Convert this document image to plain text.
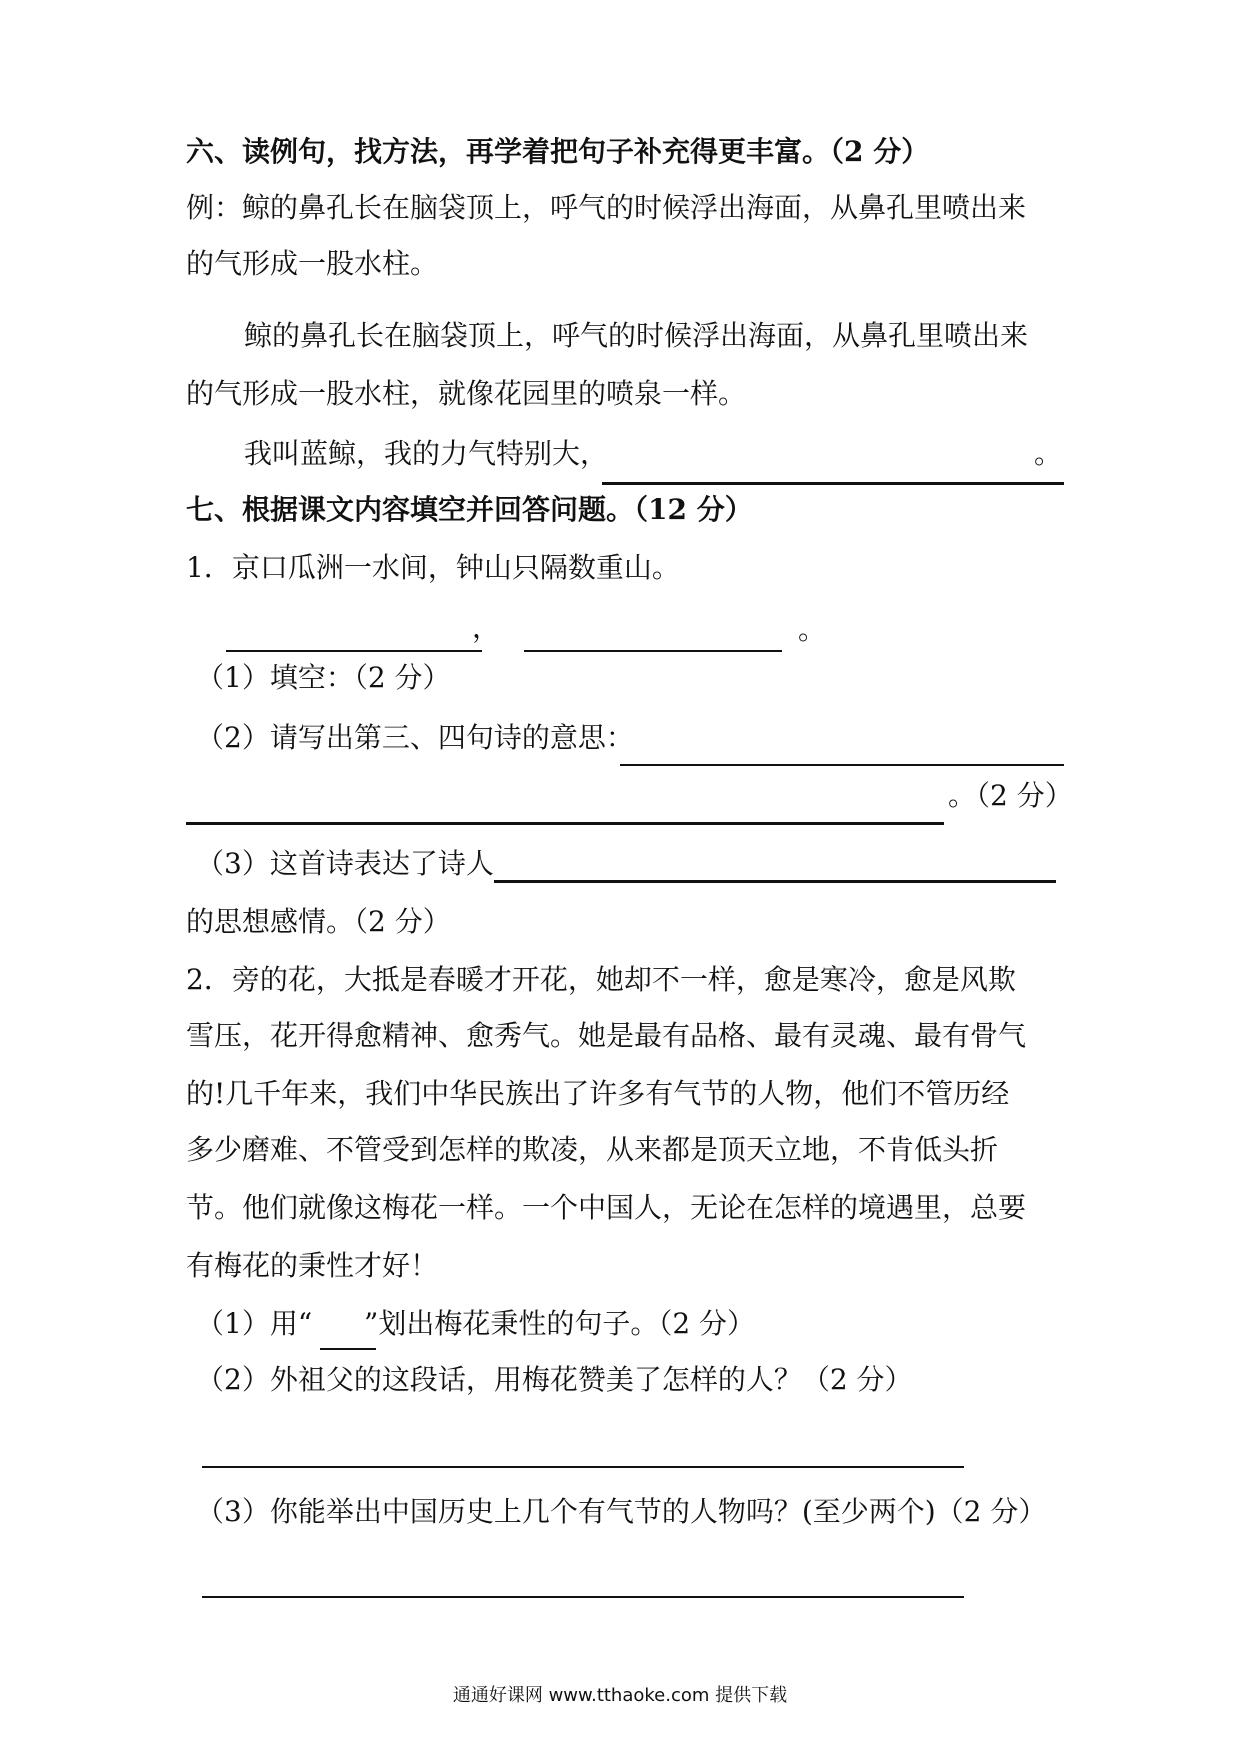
六、读例句，找方法，再学着把句子补充得更丰富。（2 分）
例：鲸的鼻孔长在脑袋顶上，呼气的时候浮出海面，从鼻孔里喷出来
的气形成一股水柱。
鲸的鼻孔长在脑袋顶上，呼气的时候浮出海面，从鼻孔里喷出来
的气形成一股水柱，就像花园里的喷泉一样。
我叫蓝鲸，我的力气特别大，	。
七、根据课文内容填空并回答问题。（12 分）
1．京口瓜洲一水间，钟山只隔数重山。
，	。
（1）填空：（2 分）
（2）请写出第三、四句诗的意思：
。（2 分）
（3）这首诗表达了诗人
的思想感情。（2 分）
2．旁的花，大抵是春暖才开花，她却不一样，愈是寒冷，愈是风欺
雪压，花开得愈精神、愈秀气。她是最有品格、最有灵魂、最有骨气
的!几千年来，我们中华民族出了许多有气节的人物，他们不管历经
多少磨难、不管受到怎样的欺凌，从来都是顶天立地，不肯低头折
节。他们就像这梅花一样。一个中国人，无论在怎样的境遇里，总要
有梅花的秉性才好！
（1）用“ ”划出梅花秉性的句子。（2 分）
（2）外祖父的这段话，用梅花赞美了怎样的人？（2 分）
（3）你能举出中国历史上几个有气节的人物吗？(至少两个)（2 分）
通通好课网 www.tthaoke.com 提供下载
